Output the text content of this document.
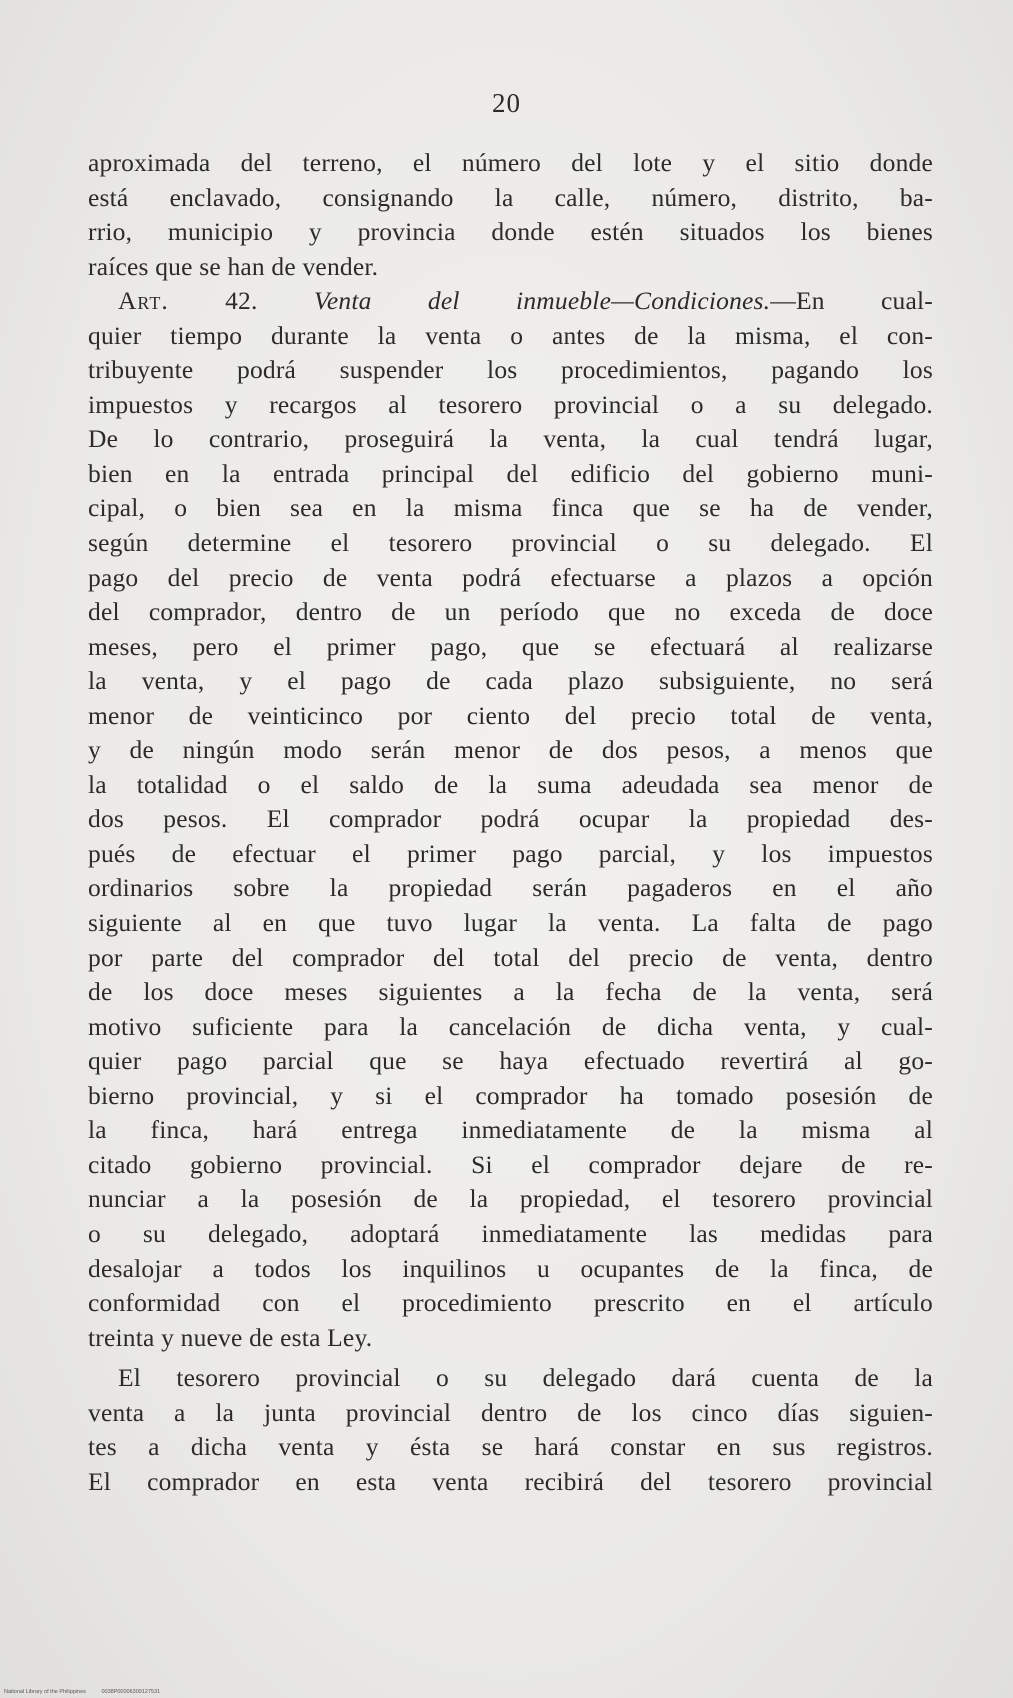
20
aproximada del terreno, el número del lote y el sitio donde
está enclavado, consignando la calle, número, distrito, ba-
rrio, municipio y provincia donde estén situados los bienes
raíces que se han de vender.
Art. 42. Venta del inmueble—Condiciones.—En cual-
quier tiempo durante la venta o antes de la misma, el con-
tribuyente podrá suspender los procedimientos, pagando los
impuestos y recargos al tesorero provincial o a su delegado.
De lo contrario, proseguirá la venta, la cual tendrá lugar,
bien en la entrada principal del edificio del gobierno muni-
cipal, o bien sea en la misma finca que se ha de vender,
según determine el tesorero provincial o su delegado. El
pago del precio de venta podrá efectuarse a plazos a opción
del comprador, dentro de un período que no exceda de doce
meses, pero el primer pago, que se efectuará al realizarse
la venta, y el pago de cada plazo subsiguiente, no será
menor de veinticinco por ciento del precio total de venta,
y de ningún modo serán menor de dos pesos, a menos que
la totalidad o el saldo de la suma adeudada sea menor de
dos pesos. El comprador podrá ocupar la propiedad des-
pués de efectuar el primer pago parcial, y los impuestos
ordinarios sobre la propiedad serán pagaderos en el año
siguiente al en que tuvo lugar la venta. La falta de pago
por parte del comprador del total del precio de venta, dentro
de los doce meses siguientes a la fecha de la venta, será
motivo suficiente para la cancelación de dicha venta, y cual-
quier pago parcial que se haya efectuado revertirá al go-
bierno provincial, y si el comprador ha tomado posesión de
la finca, hará entrega inmediatamente de la misma al
citado gobierno provincial. Si el comprador dejare de re-
nunciar a la posesión de la propiedad, el tesorero provincial
o su delegado, adoptará inmediatamente las medidas para
desalojar a todos los inquilinos u ocupantes de la finca, de
conformidad con el procedimiento prescrito en el artículo
treinta y nueve de esta Ley.
El tesorero provincial o su delegado dará cuenta de la
venta a la junta provincial dentro de los cinco días siguien-
tes a dicha venta y ésta se hará constar en sus registros.
El comprador en esta venta recibirá del tesorero provincial
National Library of the Philippines	0038P00006309127531
